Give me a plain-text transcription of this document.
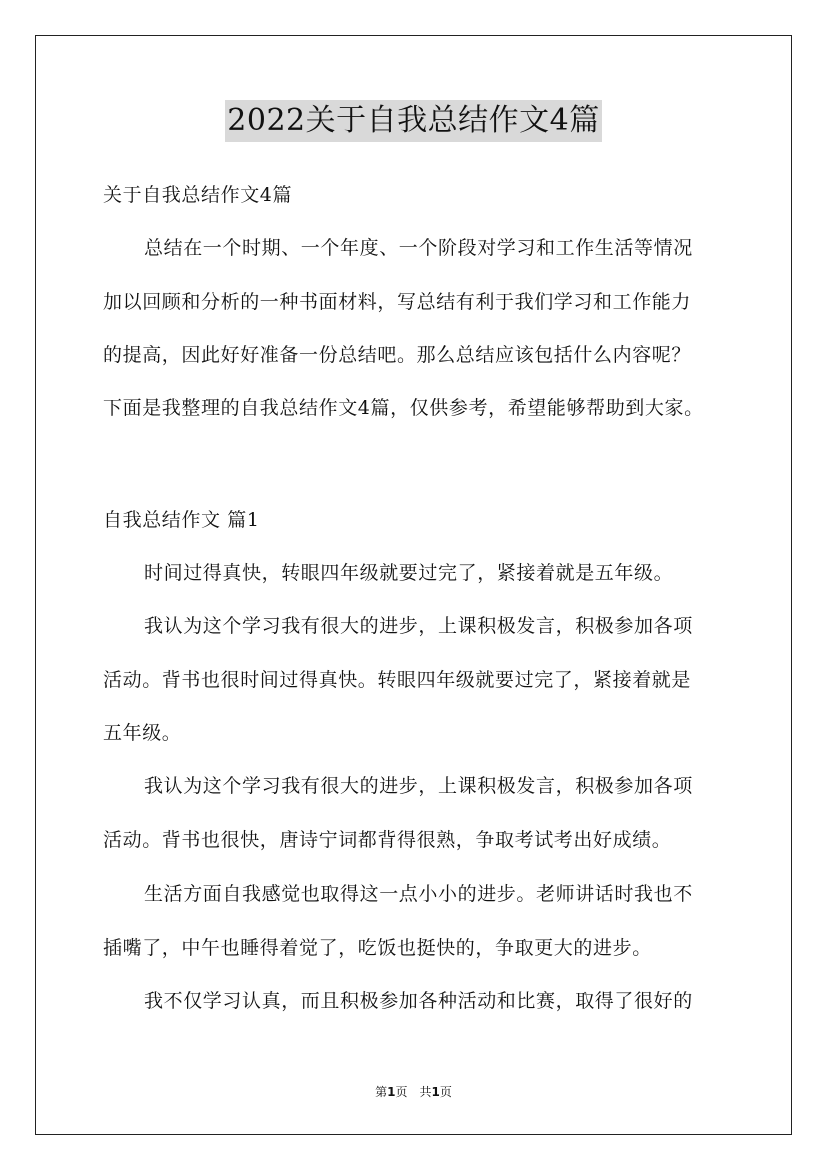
2022关于自我总结作文4篇
关于自我总结作文4篇
总结在一个时期、一个年度、一个阶段对学习和工作生活等情况
加以回顾和分析的一种书面材料，写总结有利于我们学习和工作能力
的提高，因此好好准备一份总结吧。那么总结应该包括什么内容呢？
下面是我整理的自我总结作文4篇，仅供参考，希望能够帮助到大家。
自我总结作文 篇1
时间过得真快，转眼四年级就要过完了，紧接着就是五年级。
我认为这个学习我有很大的进步，上课积极发言，积极参加各项
活动。背书也很时间过得真快。转眼四年级就要过完了，紧接着就是
五年级。
我认为这个学习我有很大的进步，上课积极发言，积极参加各项
活动。背书也很快，唐诗宁词都背得很熟，争取考试考出好成绩。
生活方面自我感觉也取得这一点小小的进步。老师讲话时我也不
插嘴了，中午也睡得着觉了，吃饭也挺快的，争取更大的进步。
我不仅学习认真，而且积极参加各种活动和比赛，取得了很好的
第1页　共1页
